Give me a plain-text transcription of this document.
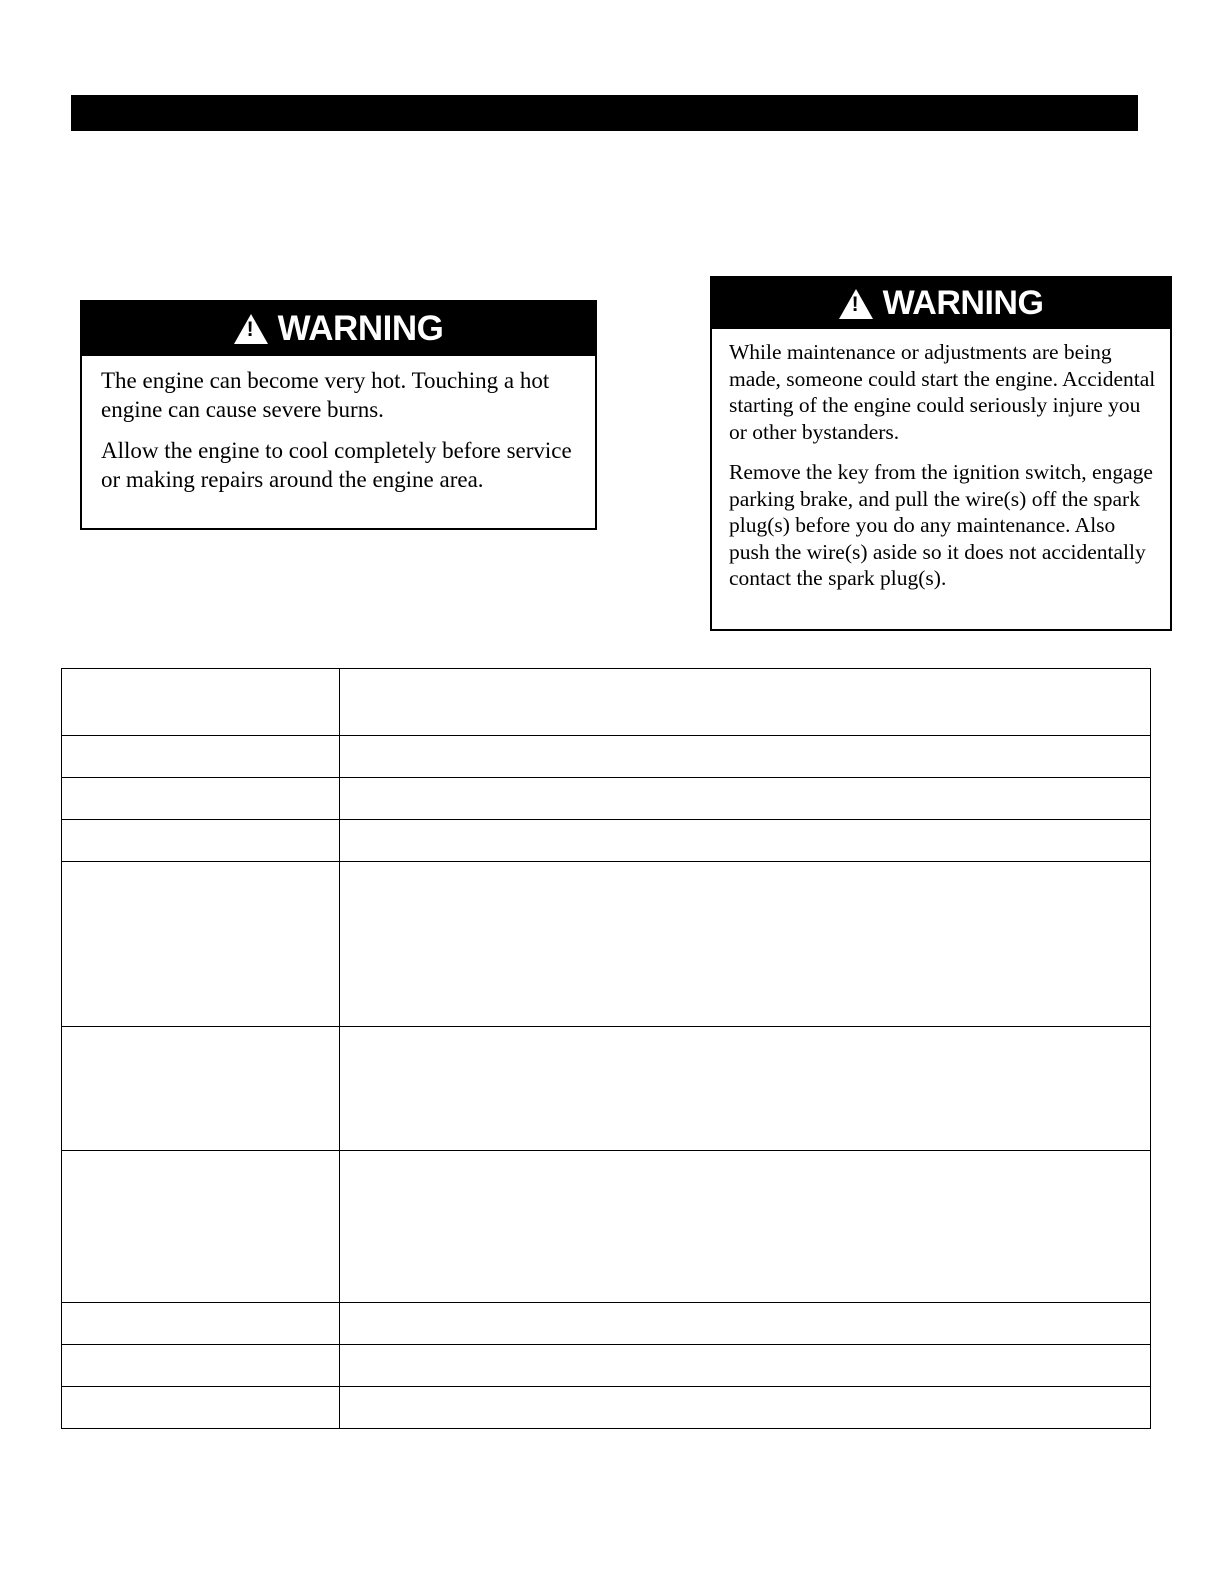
!
WARNING

The engine can become very hot. Touching a hot engine can cause severe burns.

Allow the engine to cool completely before service or making repairs around the engine area.

!
WARNING

While maintenance or adjustments are being made, someone could start the engine. Accidental starting of the engine could seriously injure you or other bystanders.

Remove the key from the ignition switch, engage parking brake, and pull the wire(s) off the spark plug(s) before you do any maintenance. Also push the wire(s) aside so it does not accidentally contact the spark plug(s).
